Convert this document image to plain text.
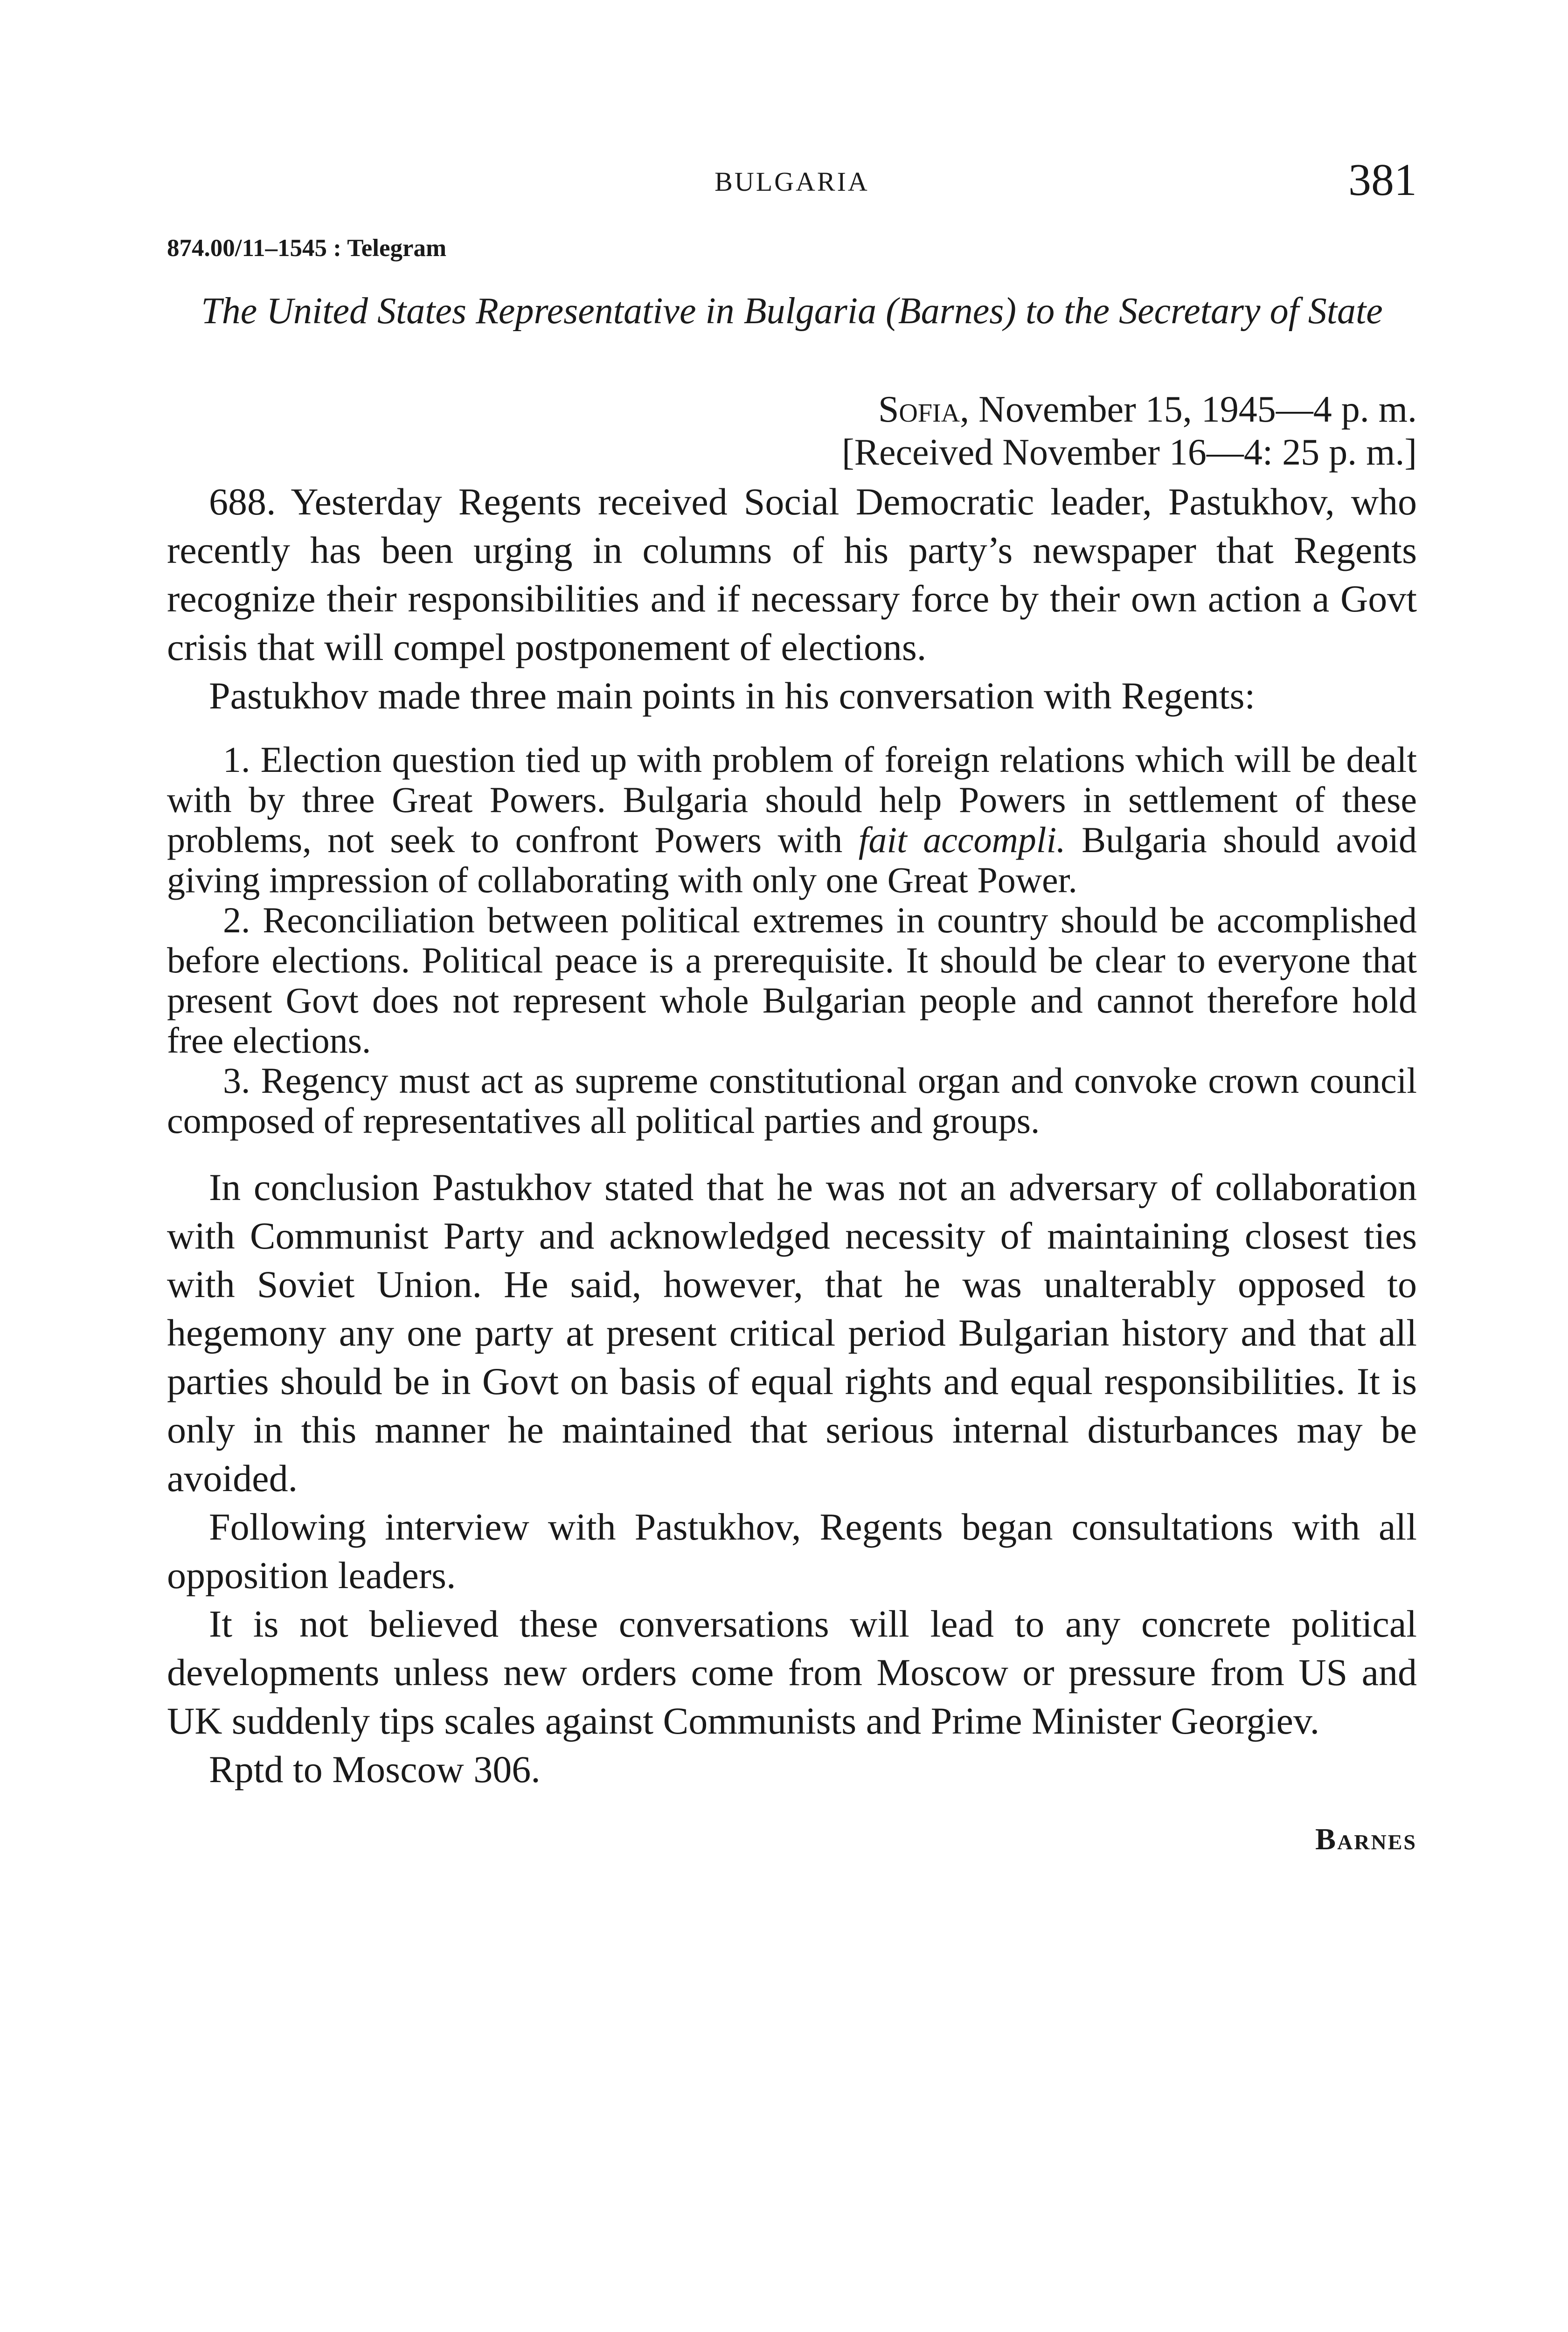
BULGARIA	381
874.00/11–1545 : Telegram
The United States Representative in Bulgaria (Barnes) to the Secretary of State
Sofia, November 15, 1945—4 p. m.
[Received November 16—4: 25 p. m.]

688. Yesterday Regents received Social Democratic leader, Pastukhov, who recently has been urging in columns of his party’s newspaper that Regents recognize their responsibilities and if necessary force by their own action a Govt crisis that will compel postponement of elections.

Pastukhov made three main points in his conversation with Regents:

1. Election question tied up with problem of foreign relations which will be dealt with by three Great Powers. Bulgaria should help Powers in settlement of these problems, not seek to confront Powers with fait accompli. Bulgaria should avoid giving impression of collaborating with only one Great Power.

2. Reconciliation between political extremes in country should be accomplished before elections. Political peace is a prerequisite. It should be clear to everyone that present Govt does not represent whole Bulgarian people and cannot therefore hold free elections.

3. Regency must act as supreme constitutional organ and convoke crown council composed of representatives all political parties and groups.

In conclusion Pastukhov stated that he was not an adversary of collaboration with Communist Party and acknowledged necessity of maintaining closest ties with Soviet Union. He said, however, that he was unalterably opposed to hegemony any one party at present critical period Bulgarian history and that all parties should be in Govt on basis of equal rights and equal responsibilities. It is only in this manner he maintained that serious internal disturbances may be avoided.

Following interview with Pastukhov, Regents began consultations with all opposition leaders.

It is not believed these conversations will lead to any concrete political developments unless new orders come from Moscow or pressure from US and UK suddenly tips scales against Communists and Prime Minister Georgiev.

Rptd to Moscow 306.

Barnes
